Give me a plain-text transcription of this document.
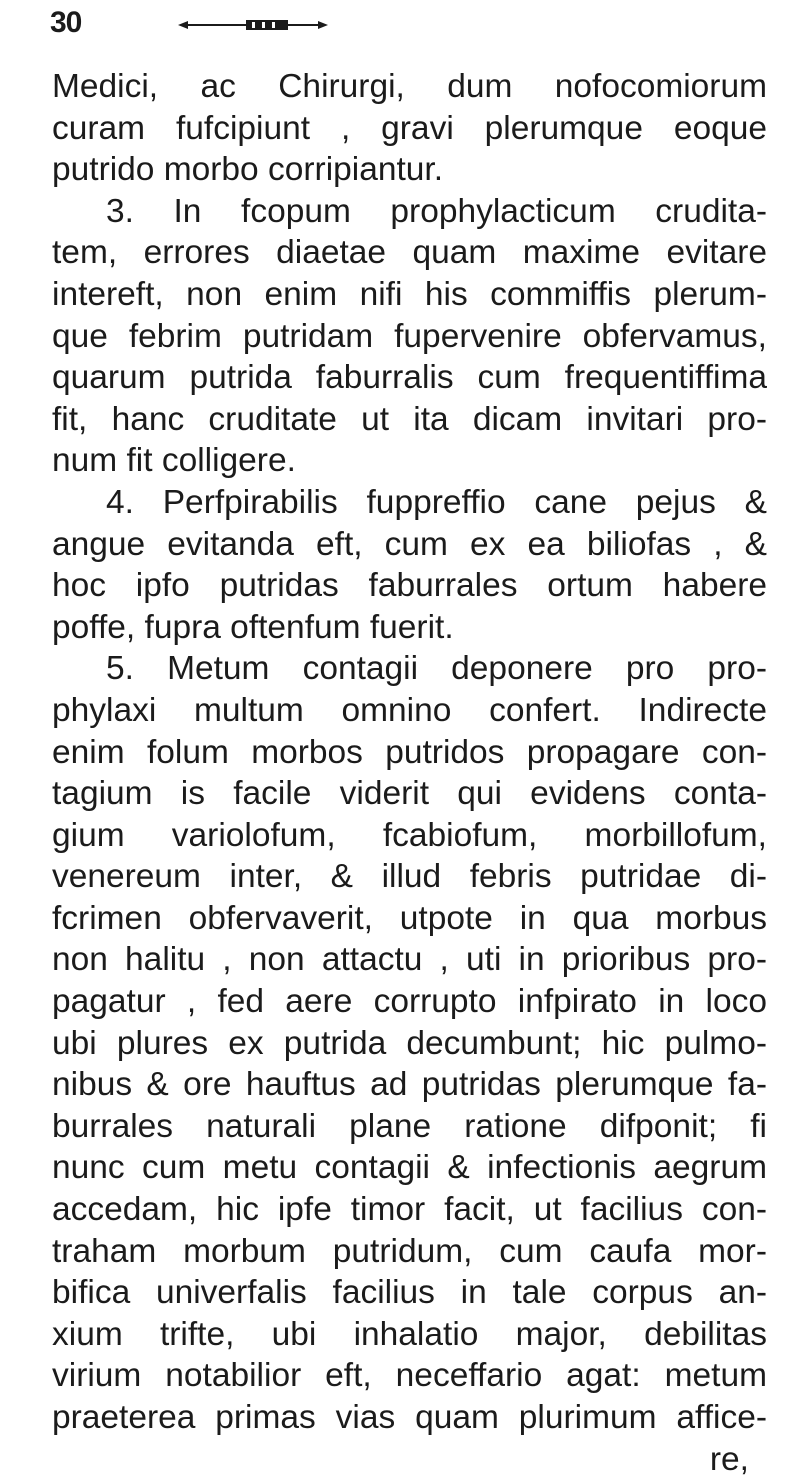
30
Medici, ac Chirurgi, dum nofocomiorum
curam fufcipiunt , gravi plerumque eoque
putrido morbo corripiantur.
3. In fcopum prophylacticum crudita-
tem, errores diaetae quam maxime evitare
intereft, non enim nifi his commiffis plerum-
que febrim putridam fupervenire obfervamus,
quarum putrida faburralis cum frequentiffima
fit, hanc cruditate ut ita dicam invitari pro-
num fit colligere.
4. Perfpirabilis fuppreffio cane pejus &
angue evitanda eft, cum ex ea biliofas , &
hoc ipfo putridas faburrales ortum habere
poffe, fupra oftenfum fuerit.
5. Metum contagii deponere pro pro-
phylaxi multum omnino confert. Indirecte
enim folum morbos putridos propagare con-
tagium is facile viderit qui evidens conta-
gium variolofum, fcabiofum, morbillofum,
venereum inter, & illud febris putridae di-
fcrimen obfervaverit, utpote in qua morbus
non halitu , non attactu , uti in prioribus pro-
pagatur , fed aere corrupto infpirato in loco
ubi plures ex putrida decumbunt; hic pulmo-
nibus & ore hauftus ad putridas plerumque fa-
burrales naturali plane ratione difponit; fi
nunc cum metu contagii & infectionis aegrum
accedam, hic ipfe timor facit, ut facilius con-
traham morbum putridum, cum caufa mor-
bifica univerfalis facilius in tale corpus an-
xium trifte, ubi inhalatio major, debilitas
virium notabilior eft, neceffario agat: metum
praeterea primas vias quam plurimum affice-
re,
